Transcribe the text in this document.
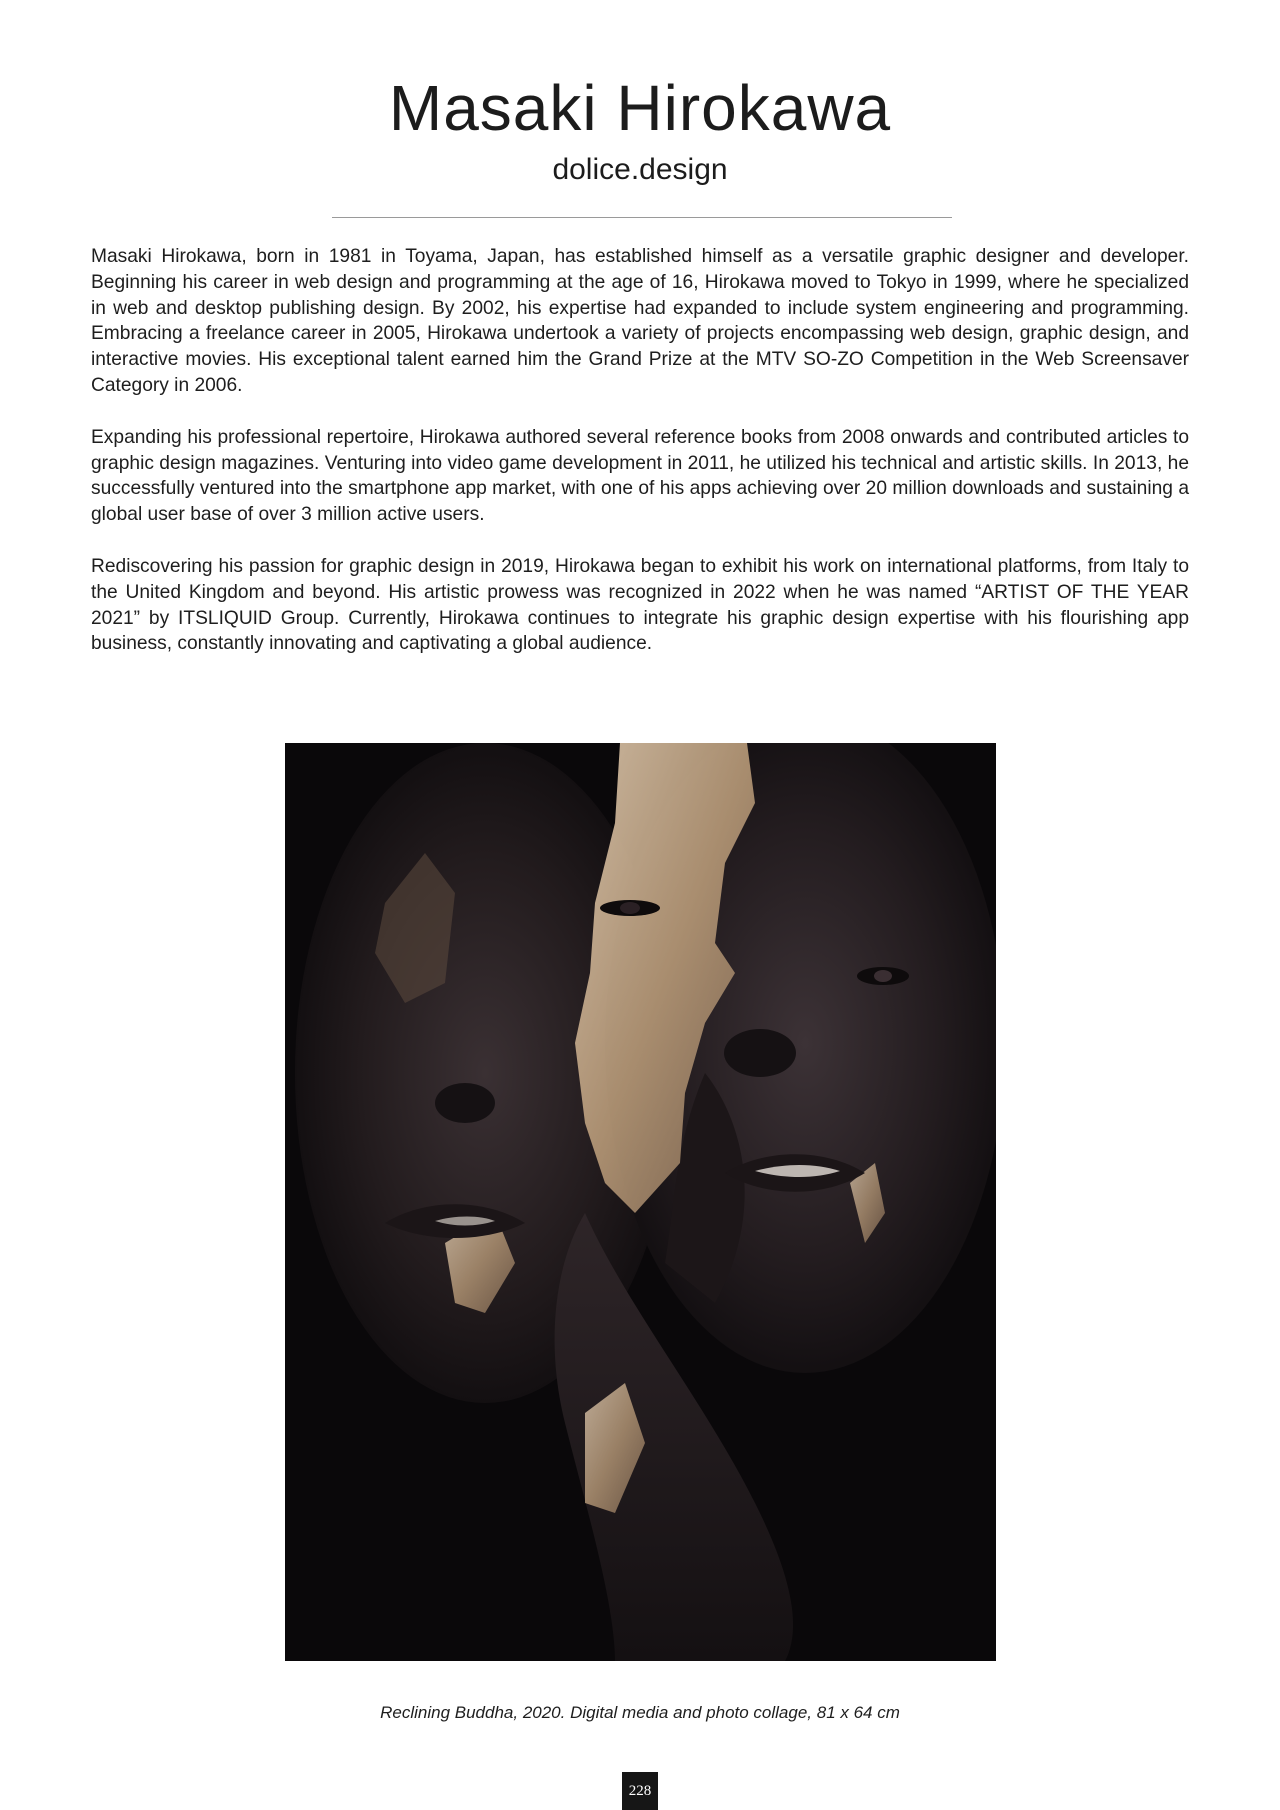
Masaki Hirokawa
dolice.design

Masaki Hirokawa, born in 1981 in Toyama, Japan, has established himself as a versatile graphic designer and developer. Beginning his career in web design and programming at the age of 16, Hirokawa moved to Tokyo in 1999, where he specialized in web and desktop publishing design. By 2002, his expertise had expanded to include system engineering and programming. Embracing a freelance career in 2005, Hirokawa undertook a variety of projects encompassing web design, graphic design, and interactive movies. His exceptional talent earned him the Grand Prize at the MTV SO-ZO Competition in the Web Screensaver Category in 2006.

Expanding his professional repertoire, Hirokawa authored several reference books from 2008 onwards and contributed articles to graphic design magazines. Venturing into video game development in 2011, he utilized his technical and artistic skills. In 2013, he successfully ventured into the smartphone app market, with one of his apps achieving over 20 million downloads and sustaining a global user base of over 3 million active users.

Rediscovering his passion for graphic design in 2019, Hirokawa began to exhibit his work on international platforms, from Italy to the United Kingdom and beyond. His artistic prowess was recognized in 2022 when he was named “ARTIST OF THE YEAR 2021” by ITSLIQUID Group. Currently, Hirokawa continues to integrate his graphic design expertise with his flourishing app business, constantly innovating and captivating a global audience.

Reclining Buddha, 2020. Digital media and photo collage, 81 x 64 cm
228
